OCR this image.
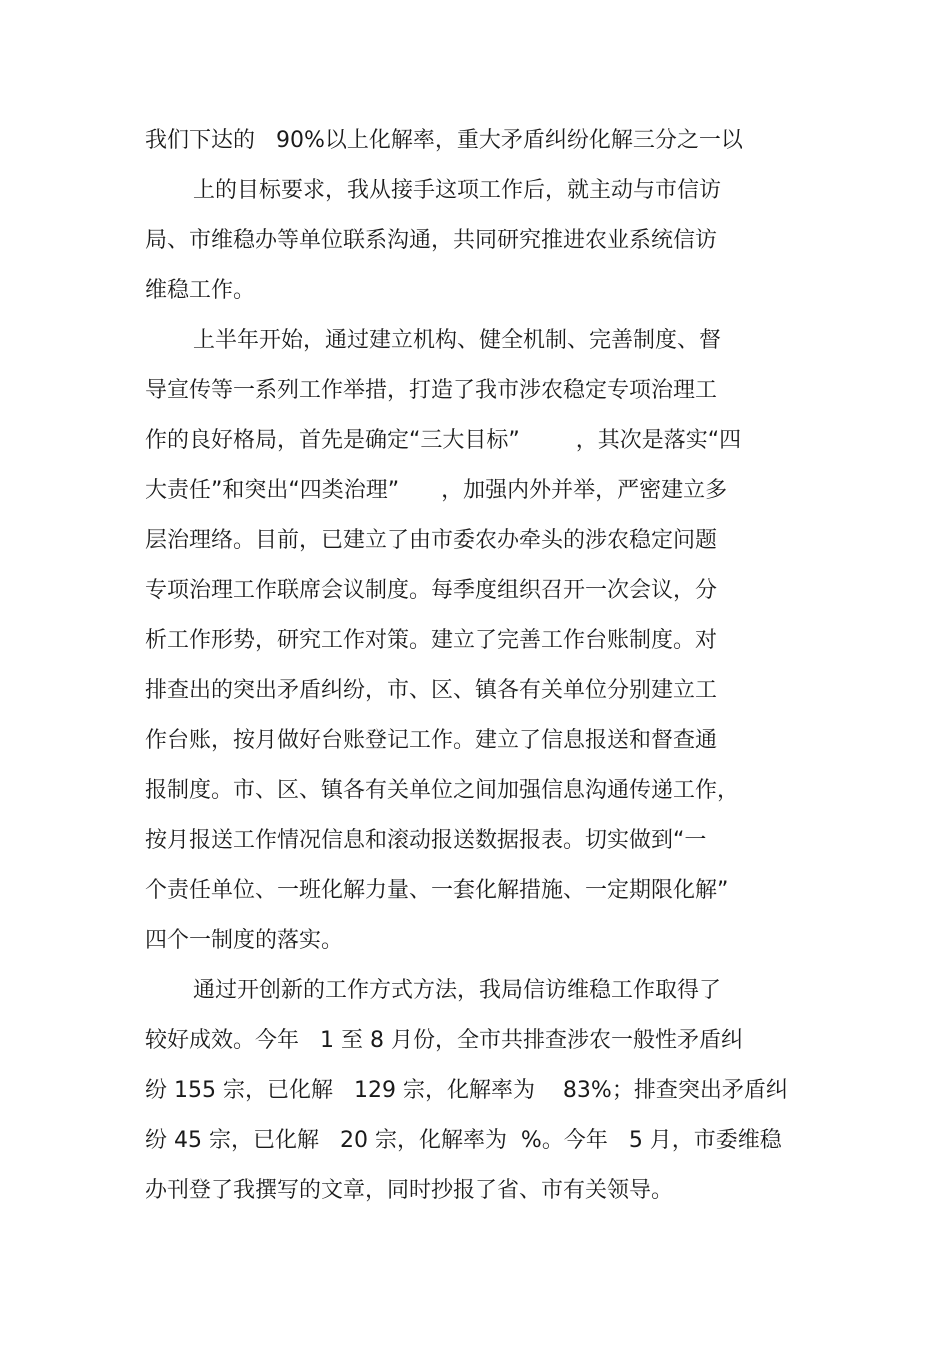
我们下达的   90%以上化解率，重大矛盾纠纷化解三分之一以
上的目标要求，我从接手这项工作后，就主动与市信访
局、市维稳办等单位联系沟通，共同研究推进农业系统信访
维稳工作。
上半年开始，通过建立机构、健全机制、完善制度、督
导宣传等一系列工作举措，打造了我市涉农稳定专项治理工
作的良好格局，首先是确定“三大目标”        ，其次是落实“四
大责任”和突出“四类治理”      ，加强内外并举，严密建立多
层治理络。目前，已建立了由市委农办牵头的涉农稳定问题
专项治理工作联席会议制度。每季度组织召开一次会议，分
析工作形势，研究工作对策。建立了完善工作台账制度。对
排查出的突出矛盾纠纷，市、区、镇各有关单位分别建立工
作台账，按月做好台账登记工作。建立了信息报送和督查通
报制度。市、区、镇各有关单位之间加强信息沟通传递工作，
按月报送工作情况信息和滚动报送数据报表。切实做到“一
个责任单位、一班化解力量、一套化解措施、一定期限化解”
四个一制度的落实。
通过开创新的工作方式方法，我局信访维稳工作取得了
较好成效。今年   1 至 8 月份，全市共排查涉农一般性矛盾纠
纷 155 宗，已化解   129 宗，化解率为    83%；排查突出矛盾纠
纷 45 宗，已化解   20 宗，化解率为  %。今年   5 月，市委维稳
办刊登了我撰写的文章，同时抄报了省、市有关领导。
